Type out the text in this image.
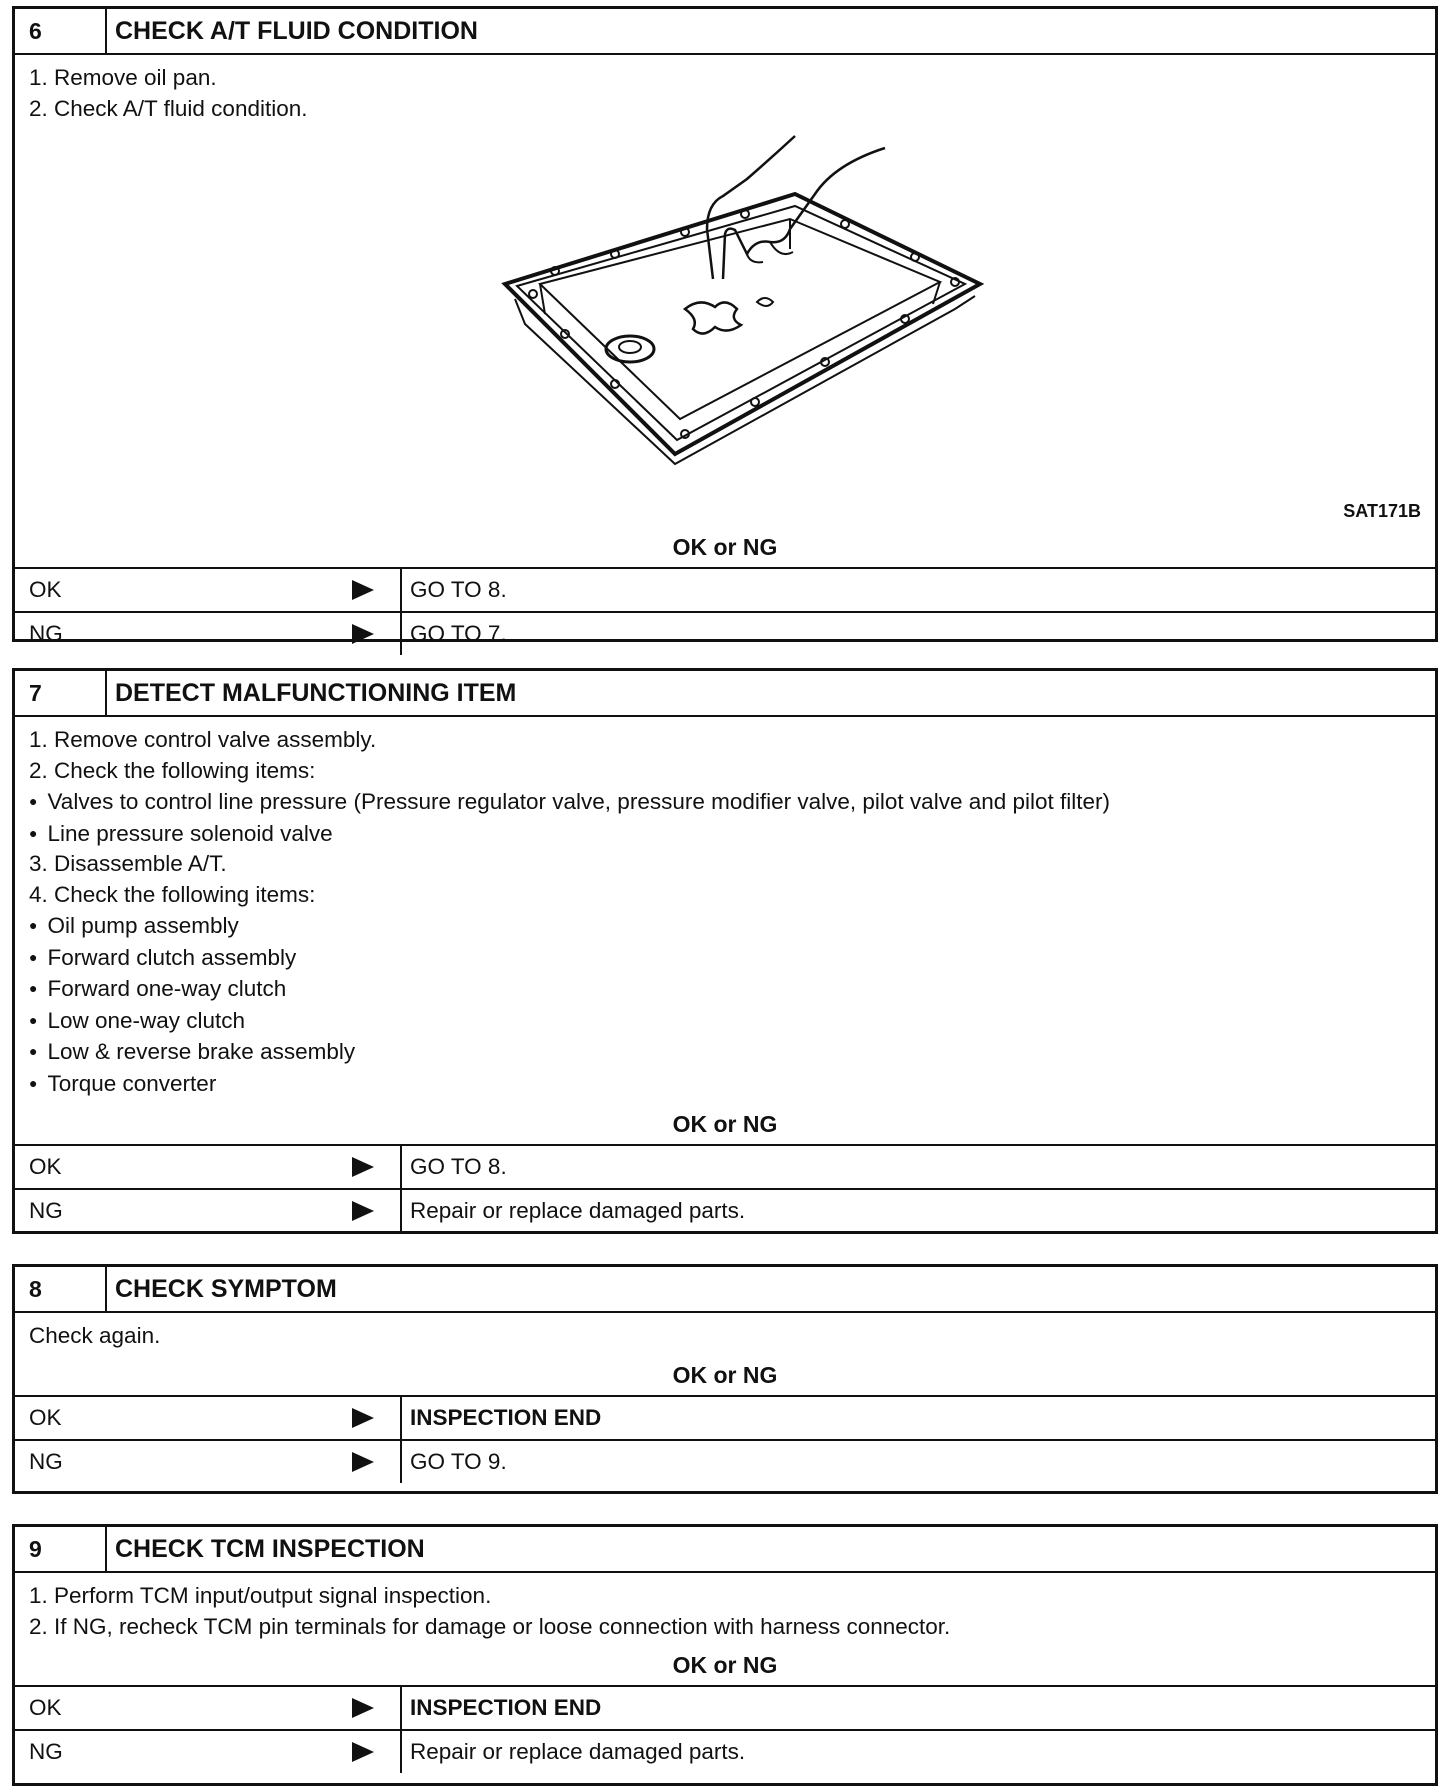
6	CHECK A/T FLUID CONDITION
1. Remove oil pan.
2. Check A/T fluid condition.
SAT171B
OK or NG
OK	GO TO 8.
NG	GO TO 7.
7	DETECT MALFUNCTIONING ITEM
1. Remove control valve assembly.
2. Check the following items:
● Valves to control line pressure (Pressure regulator valve, pressure modifier valve, pilot valve and pilot filter)
● Line pressure solenoid valve
3. Disassemble A/T.
4. Check the following items:
● Oil pump assembly
● Forward clutch assembly
● Forward one-way clutch
● Low one-way clutch
● Low & reverse brake assembly
● Torque converter
OK or NG
OK	GO TO 8.
NG	Repair or replace damaged parts.
8	CHECK SYMPTOM
Check again.
OK or NG
OK	INSPECTION END
NG	GO TO 9.
9	CHECK TCM INSPECTION
1. Perform TCM input/output signal inspection.
2. If NG, recheck TCM pin terminals for damage or loose connection with harness connector.
OK or NG
OK	INSPECTION END
NG	Repair or replace damaged parts.
